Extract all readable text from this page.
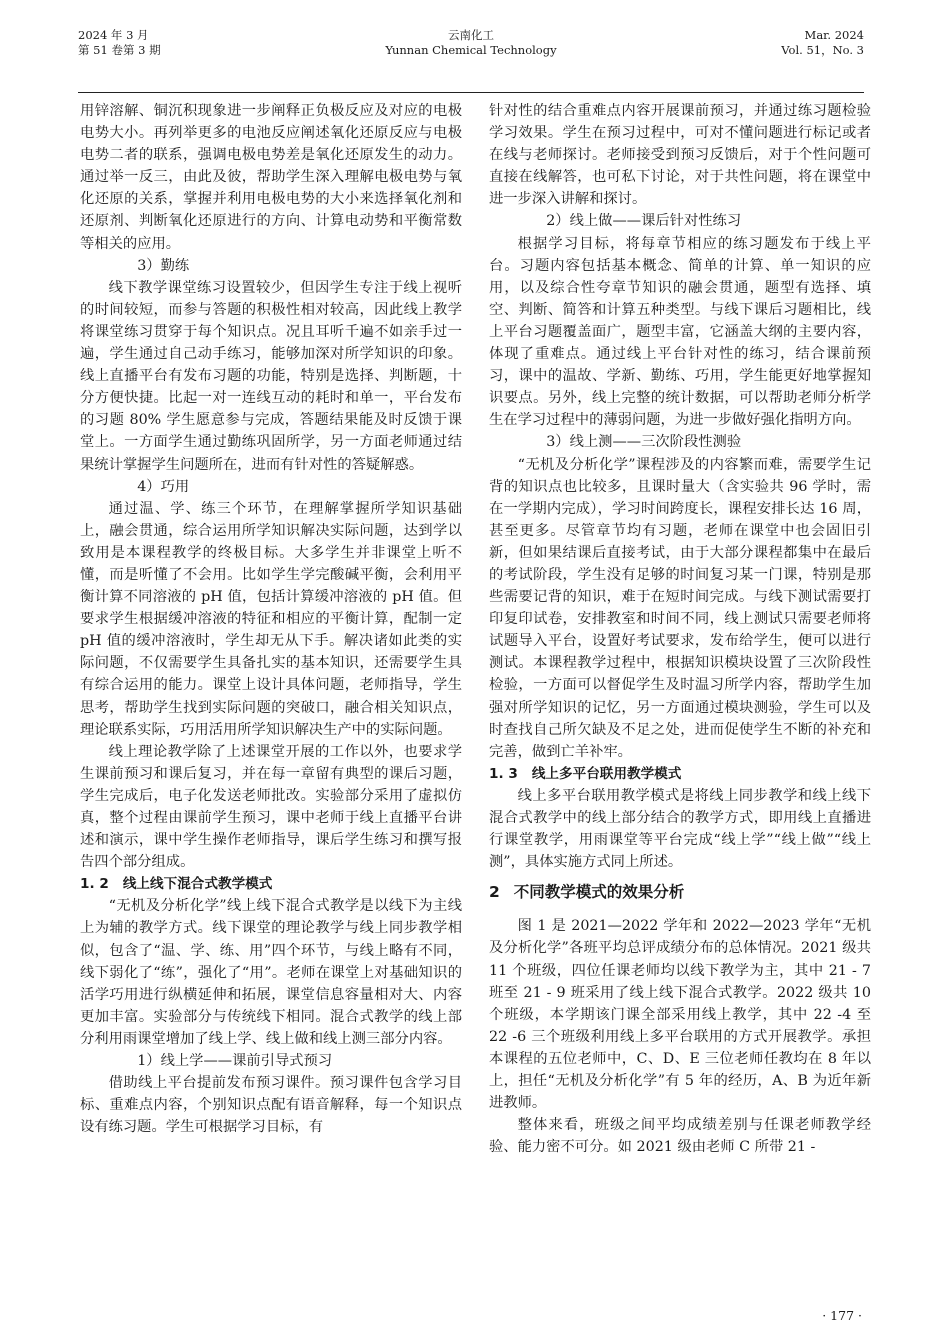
2024 年 3 月
第 51 卷第 3 期
云南化工
Yunnan Chemical Technology
Mar. 2024
Vol. 51，No. 3

用锌溶解、铜沉积现象进一步阐释正负极反应及对应的电极电势大小。再列举更多的电池反应阐述氧化还原反应与电极电势二者的联系，强调电极电势差是氧化还原发生的动力。通过举一反三，由此及彼，帮助学生深入理解电极电势与氧化还原的关系，掌握并利用电极电势的大小来选择氧化剂和还原剂、判断氧化还原进行的方向、计算电动势和平衡常数等相关的应用。

3）勤练

线下教学课堂练习设置较少，但因学生专注于线上视听的时间较短，而参与答题的积极性相对较高，因此线上教学将课堂练习贯穿于每个知识点。况且耳听千遍不如亲手过一遍，学生通过自己动手练习，能够加深对所学知识的印象。线上直播平台有发布习题的功能，特别是选择、判断题，十分方便快捷。比起一对一连线互动的耗时和单一，平台发布的习题 80% 学生愿意参与完成，答题结果能及时反馈于课堂上。一方面学生通过勤练巩固所学，另一方面老师通过结果统计掌握学生问题所在，进而有针对性的答疑解惑。

4）巧用

通过温、学、练三个环节，在理解掌握所学知识基础上，融会贯通，综合运用所学知识解决实际问题，达到学以致用是本课程教学的终极目标。大多学生并非课堂上听不懂，而是听懂了不会用。比如学生学完酸碱平衡，会利用平衡计算不同溶液的 pH 值，包括计算缓冲溶液的 pH 值。但要求学生根据缓冲溶液的特征和相应的平衡计算，配制一定 pH 值的缓冲溶液时，学生却无从下手。解决诸如此类的实际问题，不仅需要学生具备扎实的基本知识，还需要学生具有综合运用的能力。课堂上设计具体问题，老师指导，学生思考，帮助学生找到实际问题的突破口，融合相关知识点，理论联系实际，巧用活用所学知识解决生产中的实际问题。

线上理论教学除了上述课堂开展的工作以外，也要求学生课前预习和课后复习，并在每一章留有典型的课后习题，学生完成后，电子化发送老师批改。实验部分采用了虚拟仿真，整个过程由课前学生预习，课中老师于线上直播平台讲述和演示，课中学生操作老师指导，课后学生练习和撰写报告四个部分组成。

1. 2 线上线下混合式教学模式

“无机及分析化学”线上线下混合式教学是以线下为主线上为辅的教学方式。线下课堂的理论教学与线上同步教学相似，包含了“温、学、练、用”四个环节，与线上略有不同，线下弱化了“练”，强化了“用”。老师在课堂上对基础知识的活学巧用进行纵横延伸和拓展，课堂信息容量相对大、内容更加丰富。实验部分与传统线下相同。混合式教学的线上部分利用雨课堂增加了线上学、线上做和线上测三部分内容。

1）线上学——课前引导式预习

借助线上平台提前发布预习课件。预习课件包含学习目标、重难点内容，个别知识点配有语音解释，每一个知识点设有练习题。学生可根据学习目标，有

针对性的结合重难点内容开展课前预习，并通过练习题检验学习效果。学生在预习过程中，可对不懂问题进行标记或者在线与老师探讨。老师接受到预习反馈后，对于个性问题可直接在线解答，也可私下讨论，对于共性问题，将在课堂中进一步深入讲解和探讨。

2）线上做——课后针对性练习

根据学习目标，将每章节相应的练习题发布于线上平台。习题内容包括基本概念、简单的计算、单一知识的应用，以及综合性夸章节知识的融会贯通，题型有选择、填空、判断、简答和计算五种类型。与线下课后习题相比，线上平台习题覆盖面广，题型丰富，它涵盖大纲的主要内容，体现了重难点。通过线上平台针对性的练习，结合课前预习，课中的温故、学新、勤练、巧用，学生能更好地掌握知识要点。另外，线上完整的统计数据，可以帮助老师分析学生在学习过程中的薄弱问题，为进一步做好强化指明方向。

3）线上测——三次阶段性测验

“无机及分析化学”课程涉及的内容繁而难，需要学生记背的知识点也比较多，且课时量大（含实验共 96 学时，需在一学期内完成），学习时间跨度长，课程安排长达 16 周，甚至更多。尽管章节均有习题，老师在课堂中也会固旧引新，但如果结课后直接考试，由于大部分课程都集中在最后的考试阶段，学生没有足够的时间复习某一门课，特别是那些需要记背的知识，难于在短时间完成。与线下测试需要打印复印试卷，安排教室和时间不同，线上测试只需要老师将试题导入平台，设置好考试要求，发布给学生，便可以进行测试。本课程教学过程中，根据知识模块设置了三次阶段性检验，一方面可以督促学生及时温习所学内容，帮助学生加强对所学知识的记忆，另一方面通过模块测验，学生可以及时查找自己所欠缺及不足之处，进而促使学生不断的补充和完善，做到亡羊补牢。

1. 3 线上多平台联用教学模式

线上多平台联用教学模式是将线上同步教学和线上线下混合式教学中的线上部分结合的教学方式，即用线上直播进行课堂教学，用雨课堂等平台完成“线上学”“线上做”“线上测”，具体实施方式同上所述。

2 不同教学模式的效果分析

图 1 是 2021—2022 学年和 2022—2023 学年“无机及分析化学”各班平均总评成绩分布的总体情况。2021 级共 11 个班级，四位任课老师均以线下教学为主，其中 21 - 7 班至 21 - 9 班采用了线上线下混合式教学。2022 级共 10 个班级，本学期该门课全部采用线上教学，其中 22 -4 至 22 -6 三个班级利用线上多平台联用的方式开展教学。承担本课程的五位老师中，C、D、E 三位老师任教均在 8 年以上，担任“无机及分析化学”有 5 年的经历，A、B 为近年新进教师。

整体来看，班级之间平均成绩差别与任课老师教学经验、能力密不可分。如 2021 级由老师 C 所带 21 -

· 177 ·
